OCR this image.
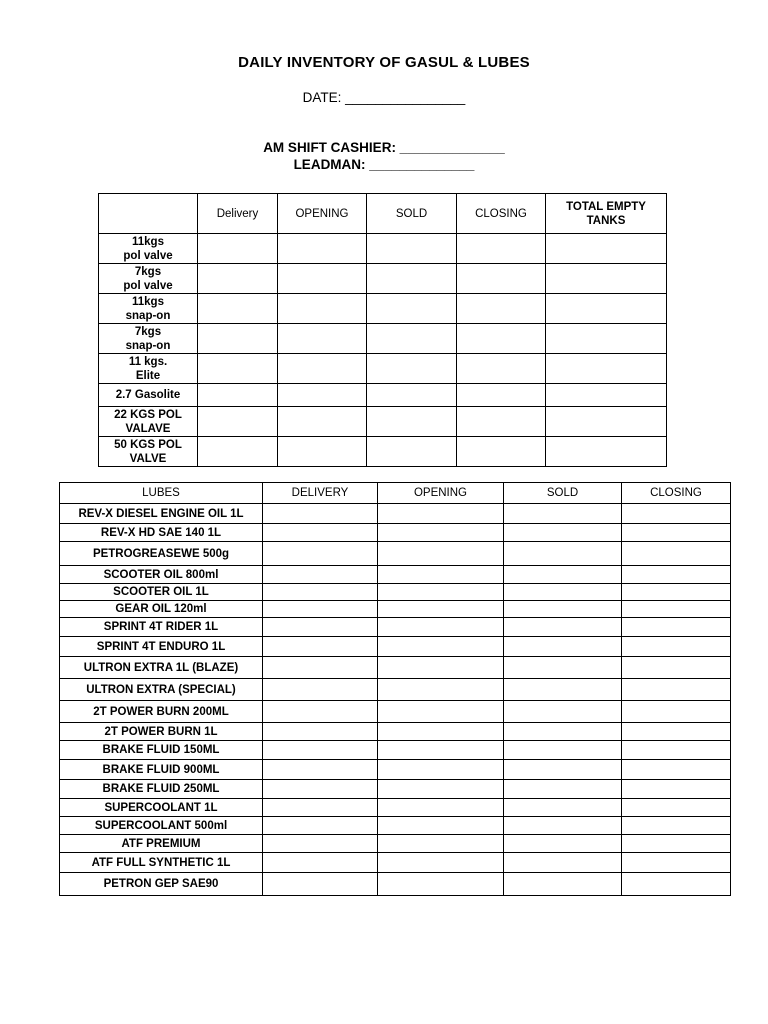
DAILY INVENTORY OF GASUL & LUBES
DATE: ________________
AM SHIFT CASHIER: ______________
LEADMAN: ______________
	Delivery	OPENING	SOLD	CLOSING	TOTAL EMPTY TANKS

11kgs
pol valve					

7kgs
pol valve					

11kgs
snap-on					

7kgs
snap-on					

11 kgs.
Elite					

2.7 Gasolite					

22 KGS POL
VALAVE					

50 KGS POL
VALVE					

LUBES	DELIVERY	OPENING	SOLD	CLOSING
REV-X DIESEL ENGINE OIL 1L				
REV-X HD SAE 140 1L				
PETROGREASEWE 500g				
SCOOTER OIL 800ml				
SCOOTER OIL 1L				
GEAR OIL 120ml				
SPRINT 4T RIDER 1L				
SPRINT 4T ENDURO 1L				
ULTRON EXTRA 1L (BLAZE)				
ULTRON EXTRA (SPECIAL)				
2T POWER BURN 200ML				
2T POWER BURN 1L				
BRAKE FLUID 150ML				
BRAKE FLUID 900ML				
BRAKE FLUID 250ML				
SUPERCOOLANT 1L				
SUPERCOOLANT 500ml				
ATF PREMIUM				
ATF FULL SYNTHETIC 1L				
PETRON GEP SAE90				
